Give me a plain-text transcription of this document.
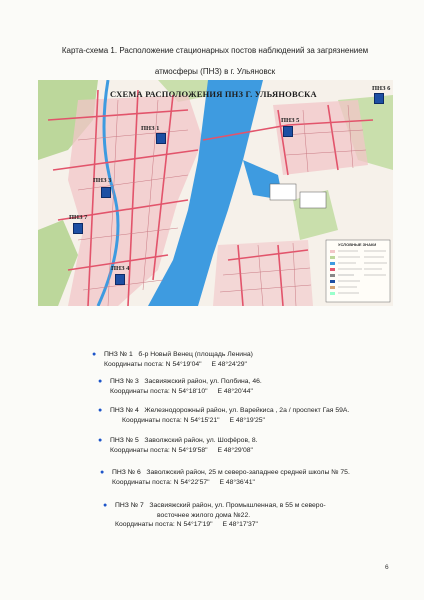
Карта-схема 1. Расположение стационарных постов наблюдений за загрязнением
атмосферы (ПНЗ) в г. Ульяновск
СХЕМА РАСПОЛОЖЕНИЯ ПНЗ Г. УЛЬЯНОВСКА
УСЛОВНЫЕ ЗНАКИ
ПНЗ 1
ПНЗ 5
ПНЗ 6
ПНЗ 3
ПНЗ 7
ПНЗ 4
● ПНЗ № 1 б-р Новый Венец (площадь Ленина)
Координаты поста: N 54°19'04" E 48°24'29"
● ПНЗ № 3 Засвияжский район, ул. Полбина, 46.
Координаты поста: N 54°18'10" E 48°20'44"
● ПНЗ № 4 Железнодорожный район, ул. Варейкиса , 2а / проспект Гая 59А.
Координаты поста: N 54°15'21" E 48°19'25"
● ПНЗ № 5 Заволжский район, ул. Шофёров, 8.
Координаты поста: N 54°19'58" E 48°29'08"
● ПНЗ № 6 Заволжский район, 25 м северо-западнее средней школы № 75.
Координаты поста: N 54°22'57" E 48°36'41"
● ПНЗ № 7 Засвияжский район, ул. Промышленная, в 55 м северо-
восточнее жилого дома №22.
Координаты поста: N 54°17'19" E 48°17'37"
6
